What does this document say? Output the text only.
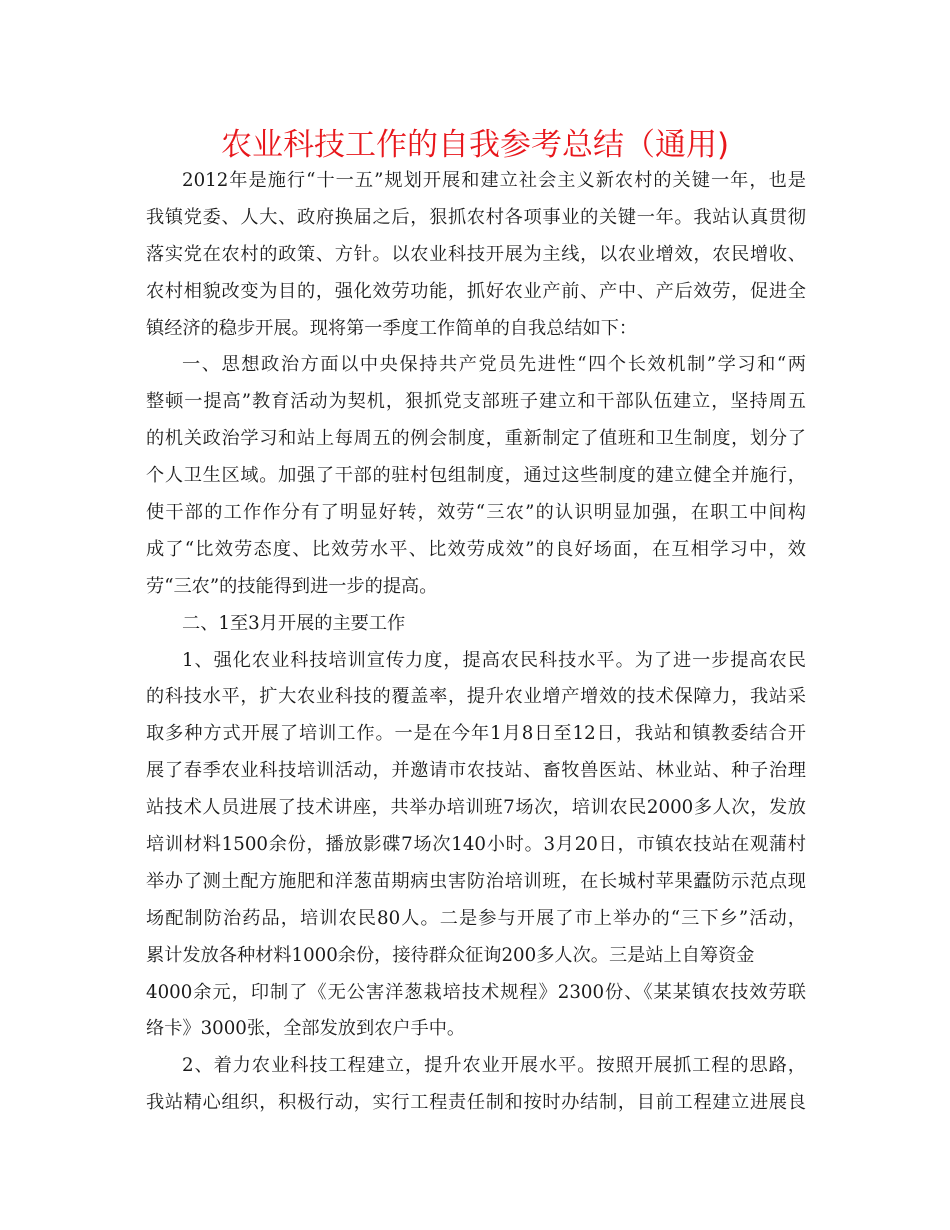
农业科技工作的自我参考总结（通用)
2012年是施行“十一五”规划开展和建立社会主义新农村的关键一年，也是
我镇党委、人大、政府换届之后，狠抓农村各项事业的关键一年。我站认真贯彻
落实党在农村的政策、方针。以农业科技开展为主线，以农业增效，农民增收、
农村相貌改变为目的，强化效劳功能，抓好农业产前、产中、产后效劳，促进全
镇经济的稳步开展。现将第一季度工作简单的自我总结如下：
一、思想政治方面以中央保持共产党员先进性“四个长效机制”学习和“两
整顿一提高”教育活动为契机，狠抓党支部班子建立和干部队伍建立，坚持周五
的机关政治学习和站上每周五的例会制度，重新制定了值班和卫生制度，划分了
个人卫生区域。加强了干部的驻村包组制度，通过这些制度的建立健全并施行，
使干部的工作作分有了明显好转，效劳“三农”的认识明显加强，在职工中间构
成了“比效劳态度、比效劳水平、比效劳成效”的良好场面，在互相学习中，效
劳“三农”的技能得到进一步的提高。
二、1至3月开展的主要工作
1、强化农业科技培训宣传力度，提高农民科技水平。为了进一步提高农民
的科技水平，扩大农业科技的覆盖率，提升农业增产增效的技术保障力，我站采
取多种方式开展了培训工作。一是在今年1月8日至12日，我站和镇教委结合开
展了春季农业科技培训活动，并邀请市农技站、畜牧兽医站、林业站、种子治理
站技术人员进展了技术讲座，共举办培训班7场次，培训农民2000多人次，发放
培训材料1500余份，播放影碟7场次140小时。3月20日，市镇农技站在观蒲村
举办了测土配方施肥和洋葱苗期病虫害防治培训班，在长城村苹果蠹防示范点现
场配制防治药品，培训农民80人。二是参与开展了市上举办的“三下乡”活动，
累计发放各种材料1000余份，接待群众征询200多人次。三是站上自筹资金
4000余元，印制了《无公害洋葱栽培技术规程》2300份、《某某镇农技效劳联
络卡》3000张，全部发放到农户手中。
2、着力农业科技工程建立，提升农业开展水平。按照开展抓工程的思路，
我站精心组织，积极行动，实行工程责任制和按时办结制，目前工程建立进展良
